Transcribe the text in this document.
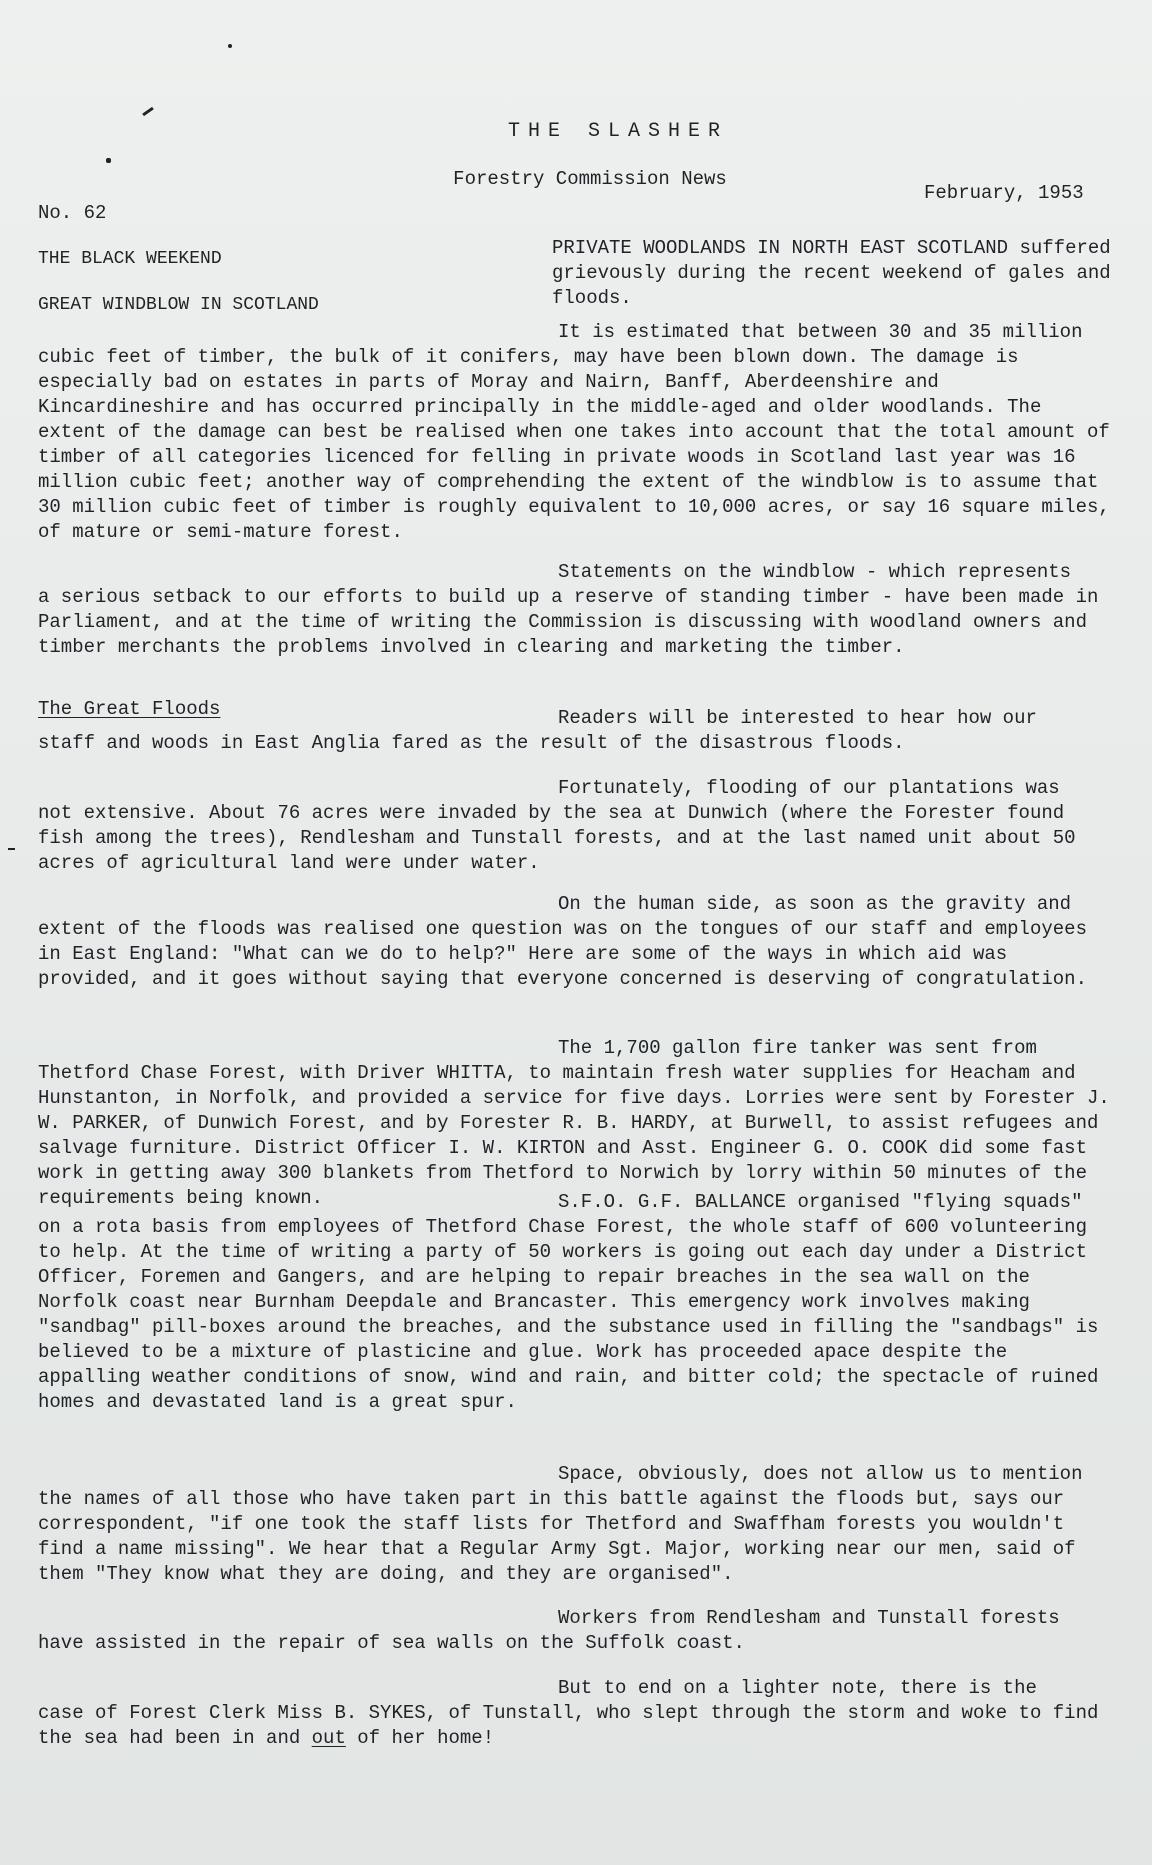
THE SLASHER
Forestry Commission News
February, 1953
No. 62
THE BLACK WEEKEND
GREAT WINDBLOW IN SCOTLAND

PRIVATE WOODLANDS IN NORTH EAST SCOTLAND suffered grievously during the recent weekend of gales and floods.

It is estimated that between 30 and 35 million
cubic feet of timber, the bulk of it conifers, may have been blown down. The damage is especially bad on estates in parts of Moray and Nairn, Banff, Aberdeenshire and Kincardineshire and has occurred principally in the middle-aged and older woodlands. The extent of the damage can best be realised when one takes into account that the total amount of timber of all categories licenced for felling in private woods in Scotland last year was 16 million cubic feet; another way of comprehending the extent of the windblow is to assume that 30 million cubic feet of timber is roughly equivalent to 10,000 acres, or say 16 square miles, of mature or semi-mature forest.

Statements on the windblow - which represents
a serious setback to our efforts to build up a reserve of standing timber - have been made in Parliament, and at the time of writing the Commission is discussing with woodland owners and timber merchants the problems involved in clearing and marketing the timber.

The Great Floods	Readers will be interested to hear how our
staff and woods in East Anglia fared as the result of the disastrous floods.

Fortunately, flooding of our plantations was
not extensive. About 76 acres were invaded by the sea at Dunwich (where the Forester found fish among the trees), Rendlesham and Tunstall forests, and at the last named unit about 50 acres of agricultural land were under water.

On the human side, as soon as the gravity and
extent of the floods was realised one question was on the tongues of our staff and employees in East England: "What can we do to help?" Here are some of the ways in which aid was provided, and it goes without saying that everyone concerned is deserving of congratulation.

The 1,700 gallon fire tanker was sent from
Thetford Chase Forest, with Driver WHITTA, to maintain fresh water supplies for Heacham and Hunstanton, in Norfolk, and provided a service for five days. Lorries were sent by Forester J. W. PARKER, of Dunwich Forest, and by Forester R. B. HARDY, at Burwell, to assist refugees and salvage furniture. District Officer I. W. KIRTON and Asst. Engineer G. O. COOK did some fast work in getting away 300 blankets from Thetford to Norwich by lorry within 50 minutes of the requirements being known.	S.F.O. G.F. BALLANCE organised "flying squads"
on a rota basis from employees of Thetford Chase Forest, the whole staff of 600 volunteering to help. At the time of writing a party of 50 workers is going out each day under a District Officer, Foremen and Gangers, and are helping to repair breaches in the sea wall on the Norfolk coast near Burnham Deepdale and Brancaster. This emergency work involves making "sandbag" pill-boxes around the breaches, and the substance used in filling the "sandbags" is believed to be a mixture of plasticine and glue. Work has proceeded apace despite the appalling weather conditions of snow, wind and rain, and bitter cold; the spectacle of ruined homes and devastated land is a great spur.

Space, obviously, does not allow us to mention
the names of all those who have taken part in this battle against the floods but, says our correspondent, "if one took the staff lists for Thetford and Swaffham forests you wouldn't find a name missing". We hear that a Regular Army Sgt. Major, working near our men, said of them "They know what they are doing, and they are organised".

Workers from Rendlesham and Tunstall forests
have assisted in the repair of sea walls on the Suffolk coast.

But to end on a lighter note, there is the
case of Forest Clerk Miss B. SYKES, of Tunstall, who slept through the storm and woke to find the sea had been in and out of her home!
